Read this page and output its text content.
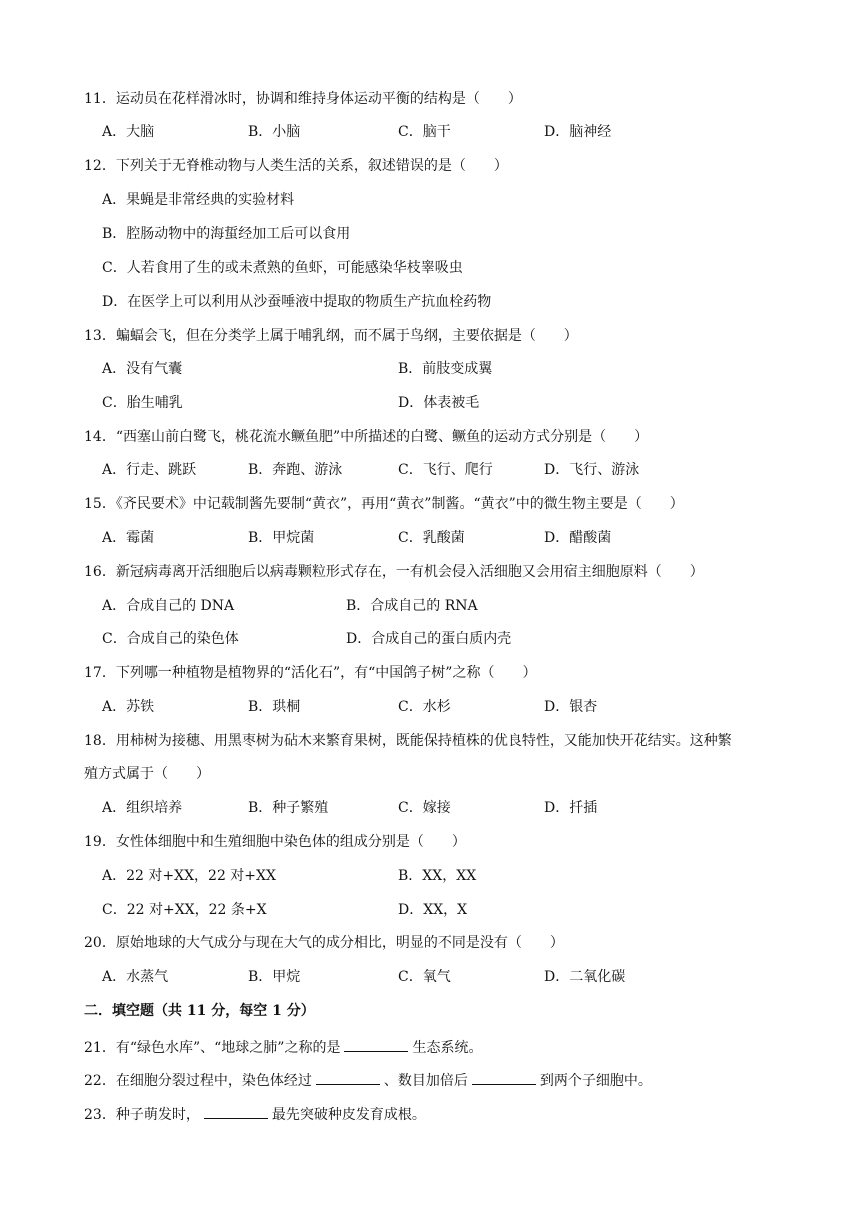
11．运动员在花样滑冰时，协调和维持身体运动平衡的结构是（　　）
A．大脑	B．小脑	C．脑干	D．脑神经
12．下列关于无脊椎动物与人类生活的关系，叙述错误的是（　　）
A．果蝇是非常经典的实验材料
B．腔肠动物中的海蜇经加工后可以食用
C．人若食用了生的或未煮熟的鱼虾，可能感染华枝睾吸虫
D．在医学上可以利用从沙蚕唾液中提取的物质生产抗血栓药物
13．蝙蝠会飞，但在分类学上属于哺乳纲，而不属于鸟纲，主要依据是（　　）
A．没有气囊	B．前肢变成翼
C．胎生哺乳	D．体表被毛
14．“西塞山前白鹭飞，桃花流水鳜鱼肥”中所描述的白鹭、鳜鱼的运动方式分别是（　　）
A．行走、跳跃	B．奔跑、游泳	C．飞行、爬行	D．飞行、游泳
15．《齐民要术》中记载制酱先要制“黄衣”，再用“黄衣”制酱。“黄衣”中的微生物主要是（　　）
A．霉菌	B．甲烷菌	C．乳酸菌	D．醋酸菌
16．新冠病毒离开活细胞后以病毒颗粒形式存在，一有机会侵入活细胞又会用宿主细胞原料（　　）
A．合成自己的 DNA	B．合成自己的 RNA
C．合成自己的染色体	D．合成自己的蛋白质内壳
17．下列哪一种植物是植物界的“活化石”，有“中国鸽子树”之称（　　）
A．苏铁	B．珙桐	C．水杉	D．银杏
18．用柿树为接穗、用黑枣树为砧木来繁育果树，既能保持植株的优良特性，又能加快开花结实。这种繁
殖方式属于（　　）
A．组织培养	B．种子繁殖	C．嫁接	D．扦插
19．女性体细胞中和生殖细胞中染色体的组成分别是（　　）
A．22 对+XX，22 对+XX	B．XX，XX
C．22 对+XX，22 条+X	D．XX，X
20．原始地球的大气成分与现在大气的成分相比，明显的不同是没有（　　）
A．水蒸气	B．甲烷	C．氧气	D．二氧化碳
二．填空题（共 11 分，每空 1 分）
21．有“绿色水库”、“地球之肺”之称的是	生态系统。
22．在细胞分裂过程中，染色体经过	、数目加倍后	到两个子细胞中。
23．种子萌发时，	最先突破种皮发育成根。
